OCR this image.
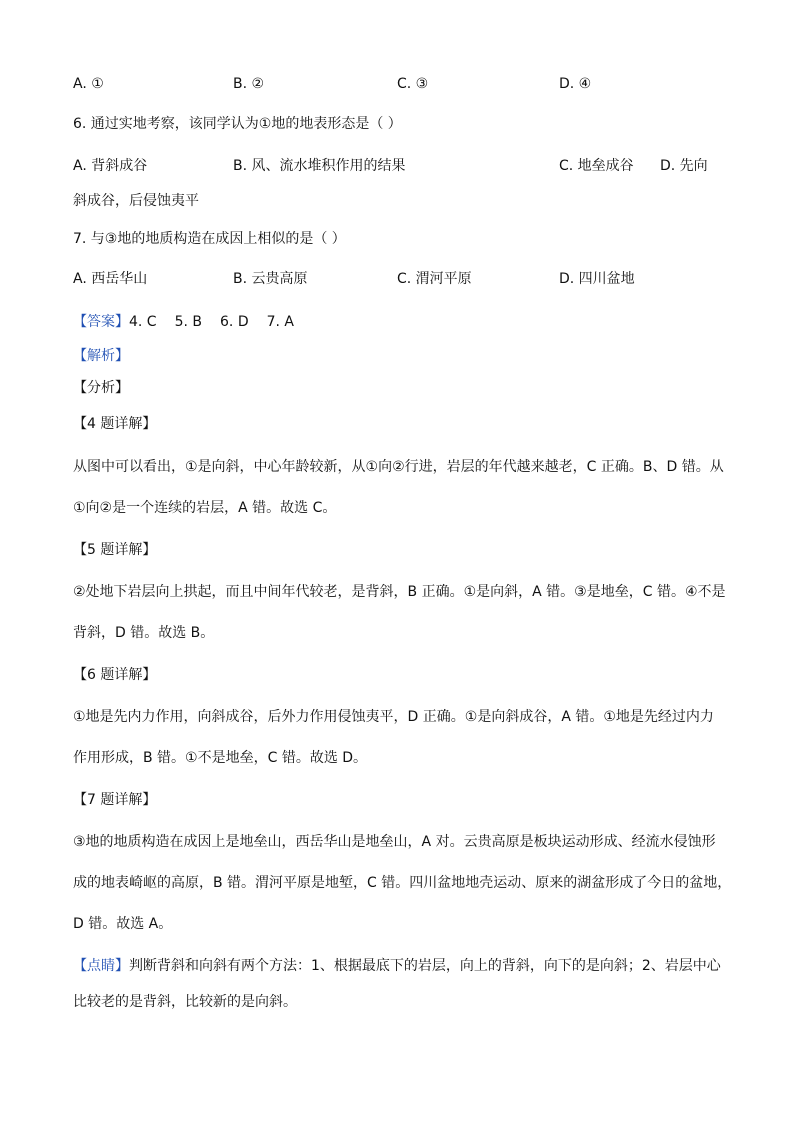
A. ①	B. ②	C. ③	D. ④
6. 通过实地考察，该同学认为①地的地表形态是（ ）
A. 背斜成谷	B. 风、流水堆积作用的结果	C. 地垒成谷 D. 先向
斜成谷，后侵蚀夷平
7. 与③地的地质构造在成因上相似的是（ ）
A. 西岳华山	B. 云贵高原	C. 渭河平原	D. 四川盆地
【答案】4. C 5. B 6. D 7. A
【解析】
【分析】
【4 题详解】
从图中可以看出，①是向斜，中心年龄较新，从①向②行进，岩层的年代越来越老，C 正确。B、D 错。从
①向②是一个连续的岩层，A 错。故选 C。
【5 题详解】
②处地下岩层向上拱起，而且中间年代较老，是背斜，B 正确。①是向斜，A 错。③是地垒，C 错。④不是
背斜，D 错。故选 B。
【6 题详解】
①地是先内力作用，向斜成谷，后外力作用侵蚀夷平，D 正确。①是向斜成谷，A 错。①地是先经过内力
作用形成，B 错。①不是地垒，C 错。故选 D。
【7 题详解】
③地的地质构造在成因上是地垒山，西岳华山是地垒山，A 对。云贵高原是板块运动形成、经流水侵蚀形
成的地表崎岖的高原，B 错。渭河平原是地堑，C 错。四川盆地地壳运动、原来的湖盆形成了今日的盆地，
D 错。故选 A。
【点睛】判断背斜和向斜有两个方法：1、根据最底下的岩层，向上的背斜，向下的是向斜；2、岩层中心
比较老的是背斜，比较新的是向斜。
